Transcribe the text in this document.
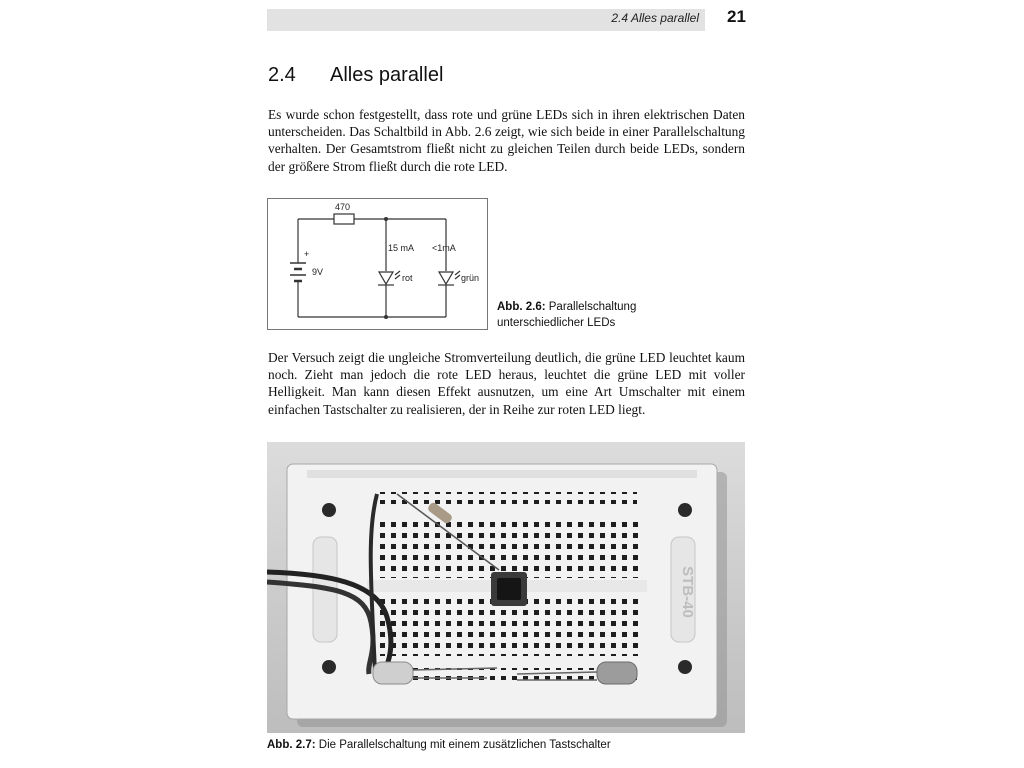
2.4 Alles parallel 21
2.4 Alles parallel

Es wurde schon festgestellt, dass rote und grüne LEDs sich in ihren elektrischen Daten unterscheiden. Das Schaltbild in Abb. 2.6 zeigt, wie sich beide in einer Parallelschaltung verhalten. Der Gesamtstrom fließt nicht zu gleichen Teilen durch beide LEDs, sondern der größere Strom fließt durch die rote LED.

470
+
9V
15 mA <1mA
rot	grün
Abb. 2.6: Parallelschaltung
unterschiedlicher LEDs

Der Versuch zeigt die ungleiche Stromverteilung deutlich, die grüne LED leuchtet kaum noch. Zieht man jedoch die rote LED heraus, leuchtet die grüne LED mit voller Helligkeit. Man kann diesen Effekt ausnutzen, um eine Art Umschalter mit einem einfachen Tastschalter zu realisieren, der in Reihe zur roten LED liegt.

STB-40
Abb. 2.7: Die Parallelschaltung mit einem zusätzlichen Tastschalter
